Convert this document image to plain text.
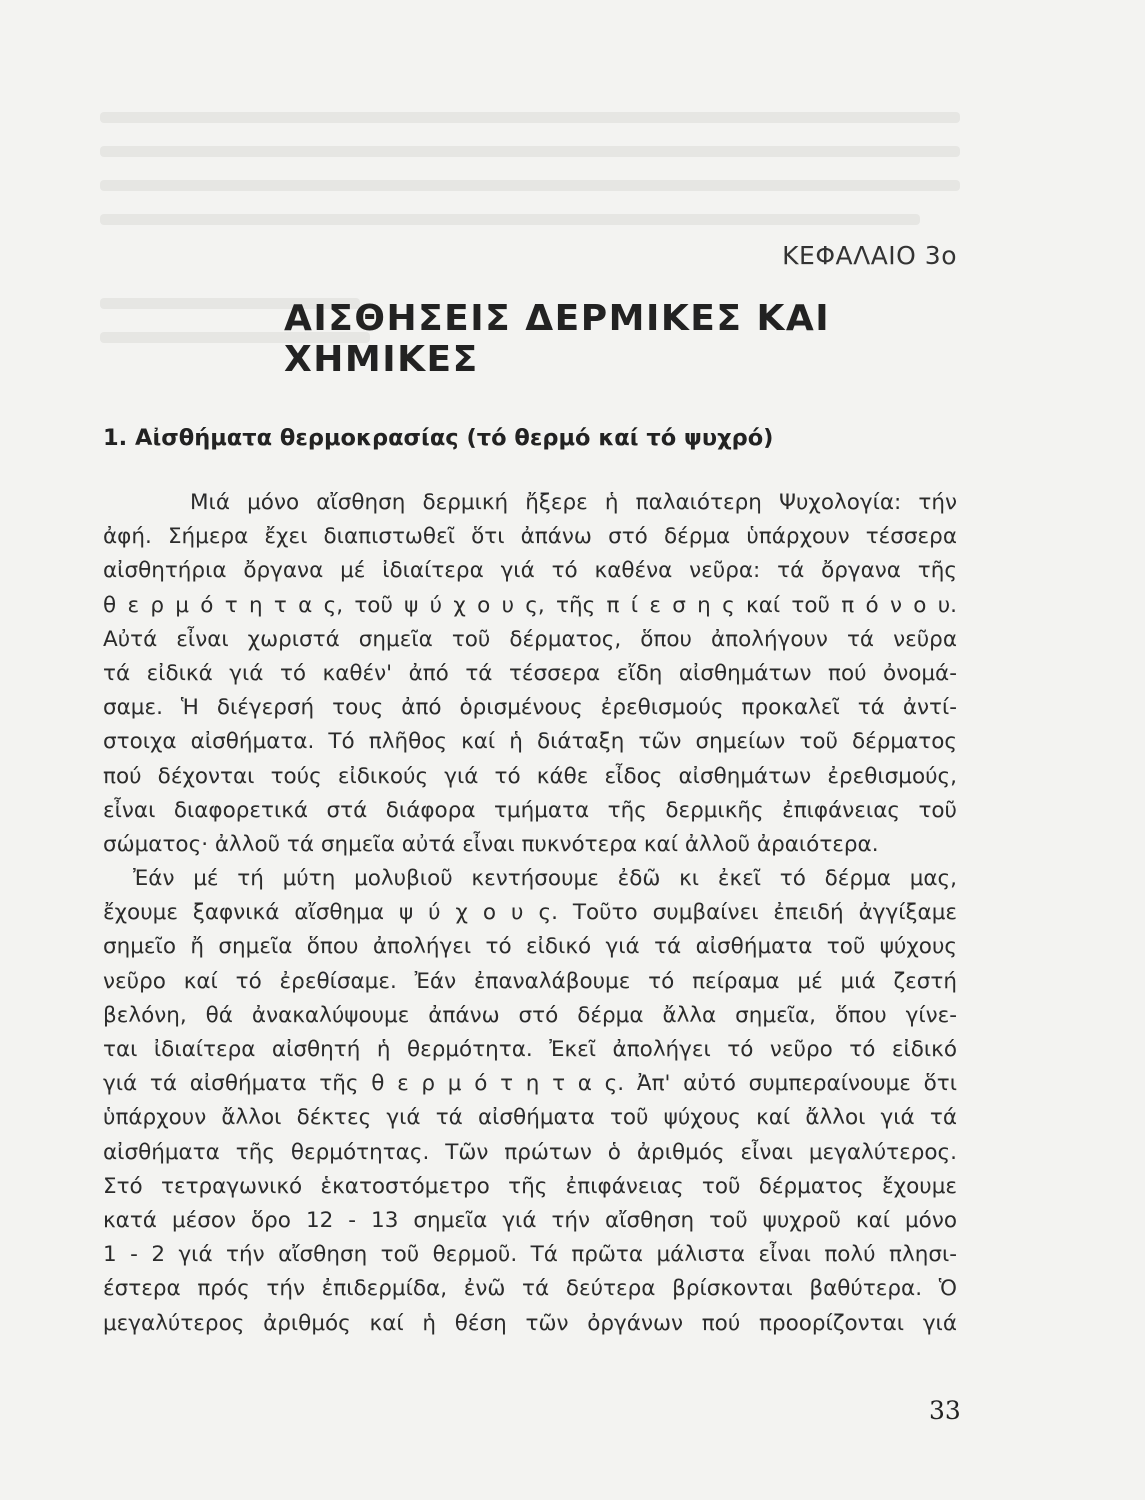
ΚΕΦΑΛΑΙΟ 3ο
ΑΙΣΘΗΣΕΙΣ ΔΕΡΜΙΚΕΣ ΚΑΙ ΧΗΜΙΚΕΣ
1. Αἰσθήματα θερμοκρασίας (τό θερμό καί τό ψυχρό)
Μιά μόνο αἴσθηση δερμική ἤξερε ἡ παλαιότερη Ψυχολογία: τήν
ἀφή. Σήμερα ἔχει διαπιστωθεῖ ὅτι ἀπάνω στό δέρμα ὑπάρχουν τέσσερα
αἰσθητήρια ὄργανα μέ ἰδιαίτερα γιά τό καθένα νεῦρα: τά ὄργανα τῆς
θ ε ρ μ ό τ η τ α ς, τοῦ ψ ύ χ ο υ ς, τῆς π ί ε σ η ς καί τοῦ π ό ν ο υ.
Αὐτά εἶναι χωριστά σημεῖα τοῦ δέρματος, ὅπου ἀπολήγουν τά νεῦρα
τά εἰδικά γιά τό καθέν' ἀπό τά τέσσερα εἴδη αἰσθημάτων πού ὀνομά-
σαμε. Ἡ διέγερσή τους ἀπό ὁρισμένους ἐρεθισμούς προκαλεῖ τά ἀντί-
στοιχα αἰσθήματα. Τό πλῆθος καί ἡ διάταξη τῶν σημείων τοῦ δέρματος
πού δέχονται τούς εἰδικούς γιά τό κάθε εἶδος αἰσθημάτων ἐρεθισμούς,
εἶναι διαφορετικά στά διάφορα τμήματα τῆς δερμικῆς ἐπιφάνειας τοῦ
σώματος· ἀλλοῦ τά σημεῖα αὐτά εἶναι πυκνότερα καί ἀλλοῦ ἀραιότερα.
Ἐάν μέ τή μύτη μολυβιοῦ κεντήσουμε ἐδῶ κι ἐκεῖ τό δέρμα μας,
ἔχουμε ξαφνικά αἴσθημα ψ ύ χ ο υ ς. Τοῦτο συμβαίνει ἐπειδή ἀγγίξαμε
σημεῖο ἤ σημεῖα ὅπου ἀπολήγει τό εἰδικό γιά τά αἰσθήματα τοῦ ψύχους
νεῦρο καί τό ἐρεθίσαμε. Ἐάν ἐπαναλάβουμε τό πείραμα μέ μιά ζεστή
βελόνη, θά ἀνακαλύψουμε ἀπάνω στό δέρμα ἄλλα σημεῖα, ὅπου γίνε-
ται ἰδιαίτερα αἰσθητή ἡ θερμότητα. Ἐκεῖ ἀπολήγει τό νεῦρο τό εἰδικό
γιά τά αἰσθήματα τῆς θ ε ρ μ ό τ η τ α ς. Ἀπ' αὐτό συμπεραίνουμε ὅτι
ὑπάρχουν ἄλλοι δέκτες γιά τά αἰσθήματα τοῦ ψύχους καί ἄλλοι γιά τά
αἰσθήματα τῆς θερμότητας. Τῶν πρώτων ὁ ἀριθμός εἶναι μεγαλύτερος.
Στό τετραγωνικό ἑκατοστόμετρο τῆς ἐπιφάνειας τοῦ δέρματος ἔχουμε
κατά μέσον ὅρο 12 - 13 σημεῖα γιά τήν αἴσθηση τοῦ ψυχροῦ καί μόνο
1 - 2 γιά τήν αἴσθηση τοῦ θερμοῦ. Τά πρῶτα μάλιστα εἶναι πολύ πλησι-
έστερα πρός τήν ἐπιδερμίδα, ἐνῶ τά δεύτερα βρίσκονται βαθύτερα. Ὁ
μεγαλύτερος ἀριθμός καί ἡ θέση τῶν ὀργάνων πού προορίζονται γιά
33
